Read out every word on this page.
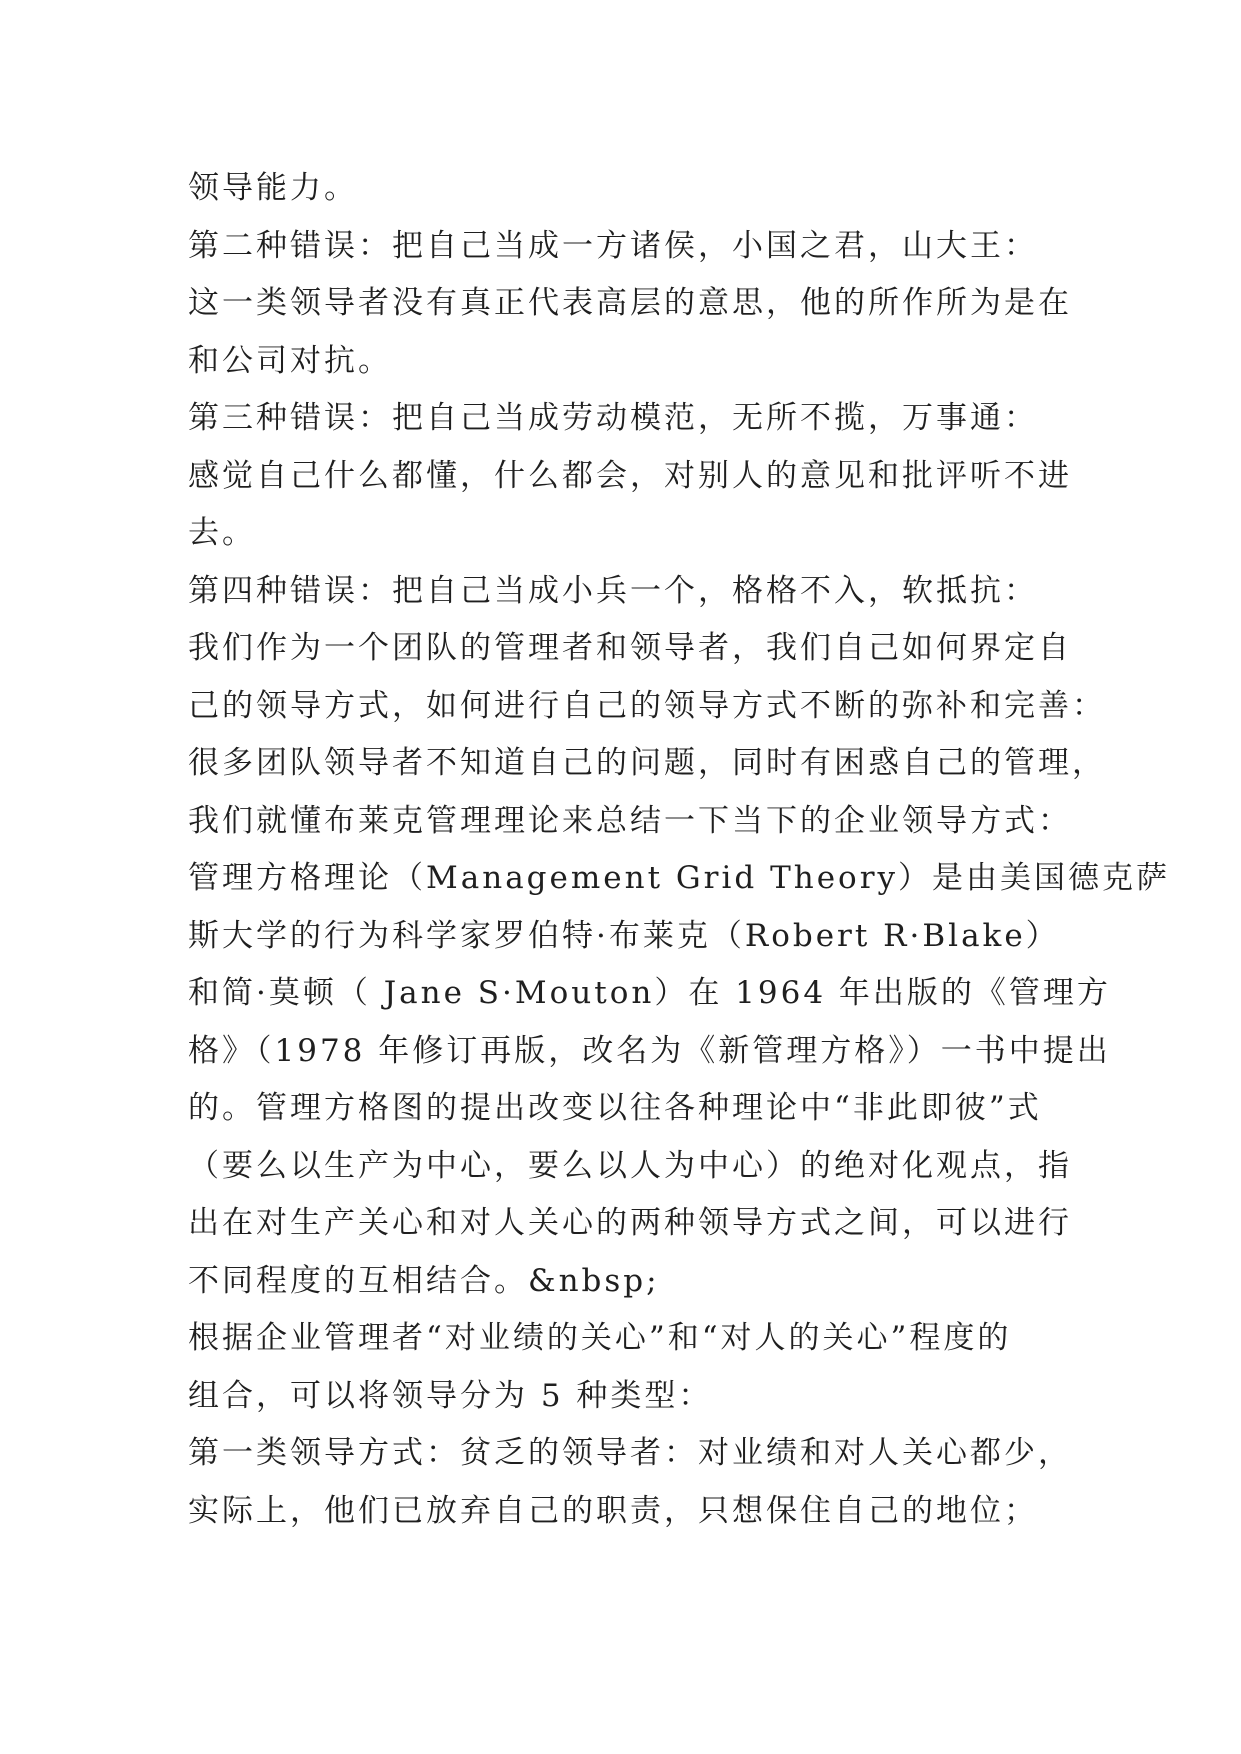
领导能力。
第二种错误：把自己当成一方诸侯，小国之君，山大王：
这一类领导者没有真正代表高层的意思，他的所作所为是在
和公司对抗。
第三种错误：把自己当成劳动模范，无所不揽，万事通：
感觉自己什么都懂，什么都会，对别人的意见和批评听不进
去。
第四种错误：把自己当成小兵一个，格格不入，软抵抗：
我们作为一个团队的管理者和领导者，我们自己如何界定自
己的领导方式，如何进行自己的领导方式不断的弥补和完善：
很多团队领导者不知道自己的问题，同时有困惑自己的管理，
我们就懂布莱克管理理论来总结一下当下的企业领导方式：
管理方格理论（Management Grid Theory）是由美国德克萨
斯大学的行为科学家罗伯特·布莱克（Robert R·Blake）
和简·莫顿（ Jane S·Mouton）在 1964 年出版的《管理方
格》（1978 年修订再版，改名为《新管理方格》）一书中提出
的。管理方格图的提出改变以往各种理论中“非此即彼”式
（要么以生产为中心，要么以人为中心）的绝对化观点，指
出在对生产关心和对人关心的两种领导方式之间，可以进行
不同程度的互相结合。&nbsp;
根据企业管理者“对业绩的关心”和“对人的关心”程度的
组合，可以将领导分为 5 种类型：
第一类领导方式：贫乏的领导者：对业绩和对人关心都少，
实际上，他们已放弃自己的职责，只想保住自己的地位；
